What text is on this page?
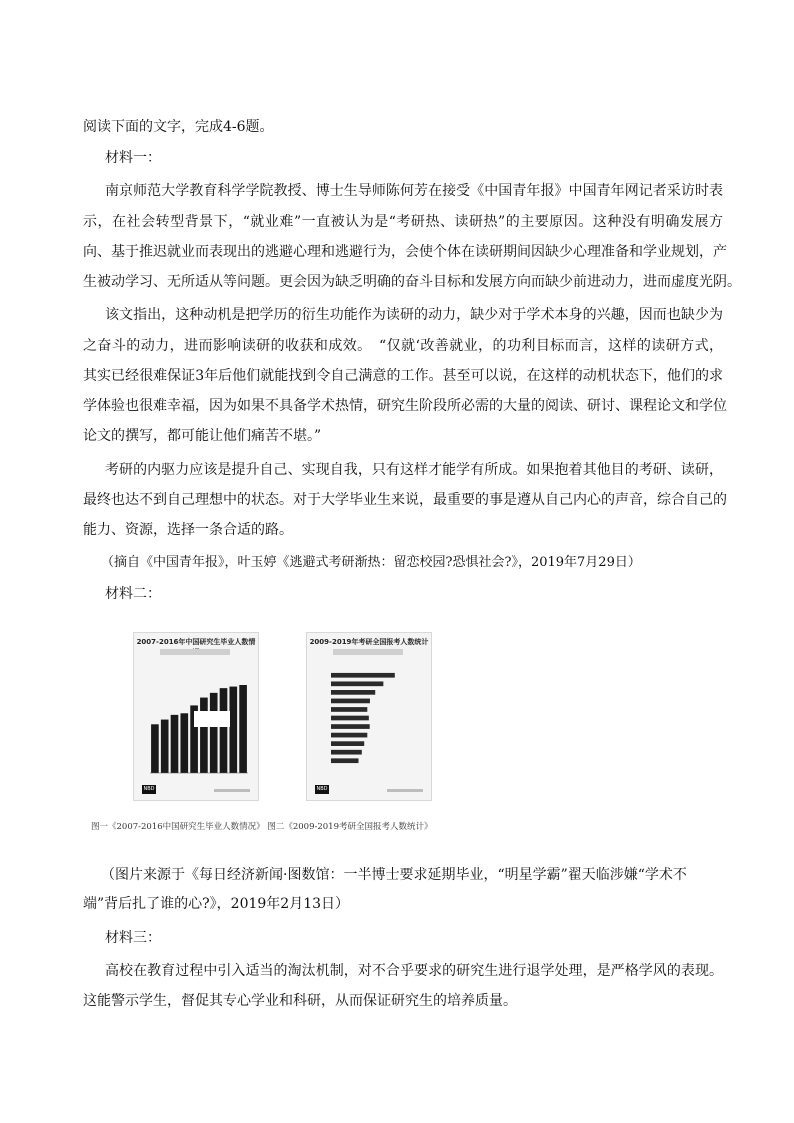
阅读下面的文字，完成4-6题。
材料一：
南京师范大学教育科学学院教授、博士生导师陈何芳在接受《中国青年报》中国青年网记者采访时表
示，在社会转型背景下，“就业难”一直被认为是“考研热、读研热”的主要原因。这种没有明确发展方
向、基于推迟就业而表现出的逃避心理和逃避行为，会使个体在读研期间因缺少心理准备和学业规划，产
生被动学习、无所适从等问题。更会因为缺乏明确的奋斗目标和发展方向而缺少前进动力，进而虚度光阴。
该文指出，这种动机是把学历的衍生功能作为读研的动力，缺少对于学术本身的兴趣，因而也缺少为
之奋斗的动力，进而影响读研的收获和成效。　“仅就‘改善就业，的功利目标而言，这样的读研方式，
其实已经很难保证3年后他们就能找到令自己满意的工作。甚至可以说，在这样的动机状态下，他们的求
学体验也很难幸福，因为如果不具备学术热情，研究生阶段所必需的大量的阅读、研讨、课程论文和学位
论文的撰写，都可能让他们痛苦不堪。”
考研的内驱力应该是提升自己、实现自我，只有这样才能学有所成。如果抱着其他目的考研、读研，
最终也达不到自己理想中的状态。对于大学毕业生来说，最重要的事是遵从自己内心的声音，综合自己的
能力、资源，选择一条合适的路。
（摘自《中国青年报》，叶玉婷《逃避式考研渐热：留恋校园?恐惧社会?》，2019年7月29日）
材料二：
2007-2016年中国研究生毕业人数情
NBD
2009-2019年考研全国报考人数统计
NBD
图一《2007-2016中国研究生毕业人数情况》 图二《2009-2019考研全国报考人数统计》
（图片来源于《每日经济新闻·图数馆：一半博士要求延期毕业，“明星学霸”翟天临涉嫌“学术不
端”背后扎了谁的心?》，2019年2月13日）
材料三：
高校在教育过程中引入适当的淘汰机制，对不合乎要求的研究生进行退学处理，是严格学风的表现。
这能警示学生，督促其专心学业和科研，从而保证研究生的培养质量。
